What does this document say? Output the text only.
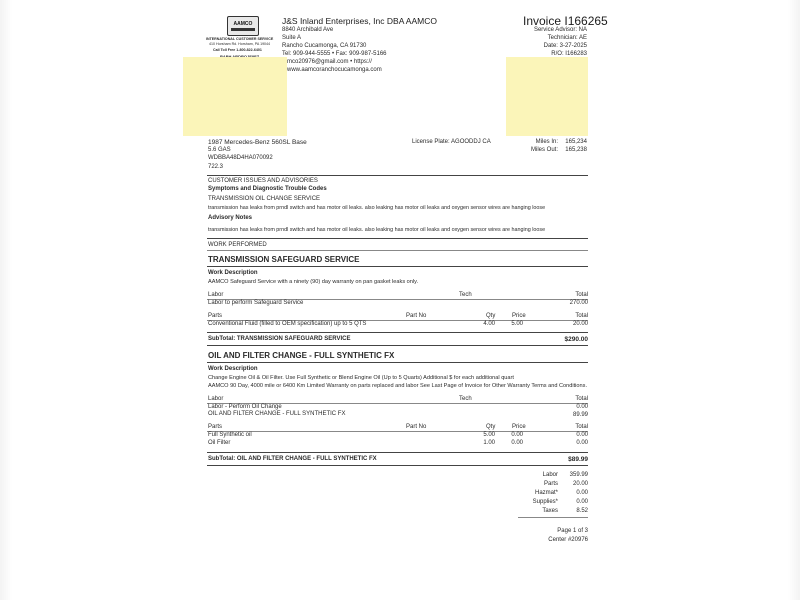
AAMCO
INTERNATIONAL CUSTOMER SERVICE
410 Horsham Rd. Horsham, PA 19044
Call Toll Free 1-800-822-6401
J&S Inland Enterprises, Inc DBA AAMCO
8840 Archibald Ave
Suite A
Rancho Cucamonga, CA 91730
Tel: 909-944-5555 • Fax: 909-987-5166
mco20976@gmail.com • https://
www.aamcoranchocucamonga.com
Invoice I166265
Service Advisor: NA
Technician: AE
Date: 3-27-2025
R/O: I166283
1987 Mercedes-Benz 560SL Base
5.6 GAS
WDBBA48D4HA070092
722.3
License Plate: AGOODDJ CA	Miles In: 165,234
Miles Out: 165,238
CUSTOMER ISSUES AND ADVISORIES
Symptoms and Diagnostic Trouble Codes
TRANSMISSION OIL CHANGE SERVICE
transmission has leaks from prndl switch and has motor oil leaks. also leaking has motor oil leaks and oxygen sensor wires are hanging loose
Advisory Notes
transmission has leaks from prndl switch and has motor oil leaks. also leaking has motor oil leaks and oxygen sensor wires are hanging loose
WORK PERFORMED
TRANSMISSION SAFEGUARD SERVICE
Work Description
AAMCO Safeguard Service with a ninety (90) day warranty on pan gasket leaks only.
Labor	Tech	Total
Labor to perform Safeguard Service	270.00
Parts	Part No	Qty	Price	Total
Conventional Fluid (filled to OEM specification) up to 5 QTS	4.00	5.00	20.00
SubTotal: TRANSMISSION SAFEGUARD SERVICE	$290.00
OIL AND FILTER CHANGE - FULL SYNTHETIC FX
Work Description
Change Engine Oil & Oil Filter. Use Full Synthetic or Blend Engine Oil (Up to 5 Quarts) Additional $ for each additional quart
AAMCO 90 Day, 4000 mile or 6400 Km Limited Warranty on parts replaced and labor See Last Page of Invoice for Other Warranty Terms and Conditions.
Labor	Tech	Total
Labor - Perform Oil Change	0.00
OIL AND FILTER CHANGE - FULL SYNTHETIC FX	89.99
Parts	Part No	Qty	Price	Total
Full Synthetic oil	5.00	0.00	0.00
Oil Filter	1.00	0.00	0.00
SubTotal: OIL AND FILTER CHANGE - FULL SYNTHETIC FX	$89.99
Labor 359.99
Parts 20.00
Hazmat*	0.00
Supplies*	0.00
Taxes	8.52
Page 1 of 3
Center #20976
